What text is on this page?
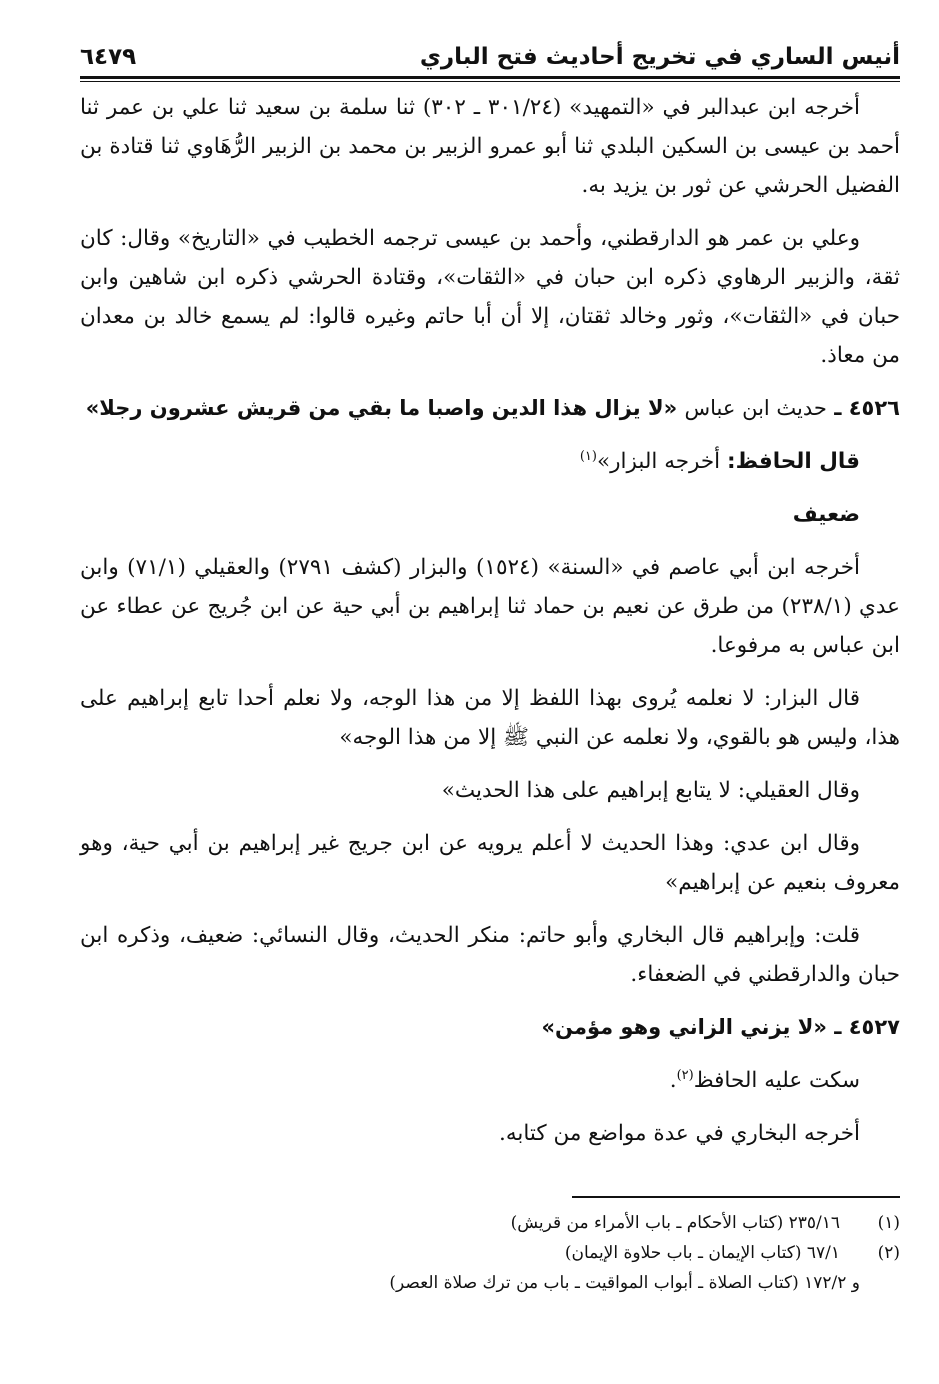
أنيس الساري في تخريج أحاديث فتح الباري
٦٤٧٩

أخرجه ابن عبدالبر في «التمهيد» (٣٠١/٢٤ ـ ٣٠٢) ثنا سلمة بن سعيد ثنا علي بن عمر ثنا أحمد بن عيسى بن السكين البلدي ثنا أبو عمرو الزبير بن محمد بن الزبير الرُّهَاوي ثنا قتادة بن الفضيل الحرشي عن ثور بن يزيد به.

وعلي بن عمر هو الدارقطني، وأحمد بن عيسى ترجمه الخطيب في «التاريخ» وقال: كان ثقة، والزبير الرهاوي ذكره ابن حبان في «الثقات»، وقتادة الحرشي ذكره ابن شاهين وابن حبان في «الثقات»، وثور وخالد ثقتان، إلا أن أبا حاتم وغيره قالوا: لم يسمع خالد بن معدان من معاذ.

٤٥٢٦ ـ حديث ابن عباس «لا يزال هذا الدين واصبا ما بقي من قريش عشرون رجلا»

قال الحافظ: أخرجه البزار»$^{(١)}$

ضعيف

أخرجه ابن أبي عاصم في «السنة» (١٥٢٤) والبزار (كشف ٢٧٩١) والعقيلي (٧١/١) وابن عدي (٢٣٨/١) من طرق عن نعيم بن حماد ثنا إبراهيم بن أبي حية عن ابن جُريج عن عطاء عن ابن عباس به مرفوعا.

قال البزار: لا نعلمه يُروى بهذا اللفظ إلا من هذا الوجه، ولا نعلم أحدا تابع إبراهيم على هذا، وليس هو بالقوي، ولا نعلمه عن النبي ﷺ إلا من هذا الوجه»

وقال العقيلي: لا يتابع إبراهيم على هذا الحديث»

وقال ابن عدي: وهذا الحديث لا أعلم يرويه عن ابن جريج غير إبراهيم بن أبي حية، وهو معروف بنعيم عن إبراهيم»

قلت: وإبراهيم قال البخاري وأبو حاتم: منكر الحديث، وقال النسائي: ضعيف، وذكره ابن حبان والدارقطني في الضعفاء.

٤٥٢٧ ـ «لا يزني الزاني وهو مؤمن»

سكت عليه الحافظ$^{(٢)}$.

أخرجه البخاري في عدة مواضع من كتابه.

(١)
٢٣٥/١٦ (كتاب الأحكام ـ باب الأمراء من قريش)
(٢)
٦٧/١ (كتاب الإيمان ـ باب حلاوة الإيمان)
و ١٧٢/٢ (كتاب الصلاة ـ أبواب المواقيت ـ باب من ترك صلاة العصر)
